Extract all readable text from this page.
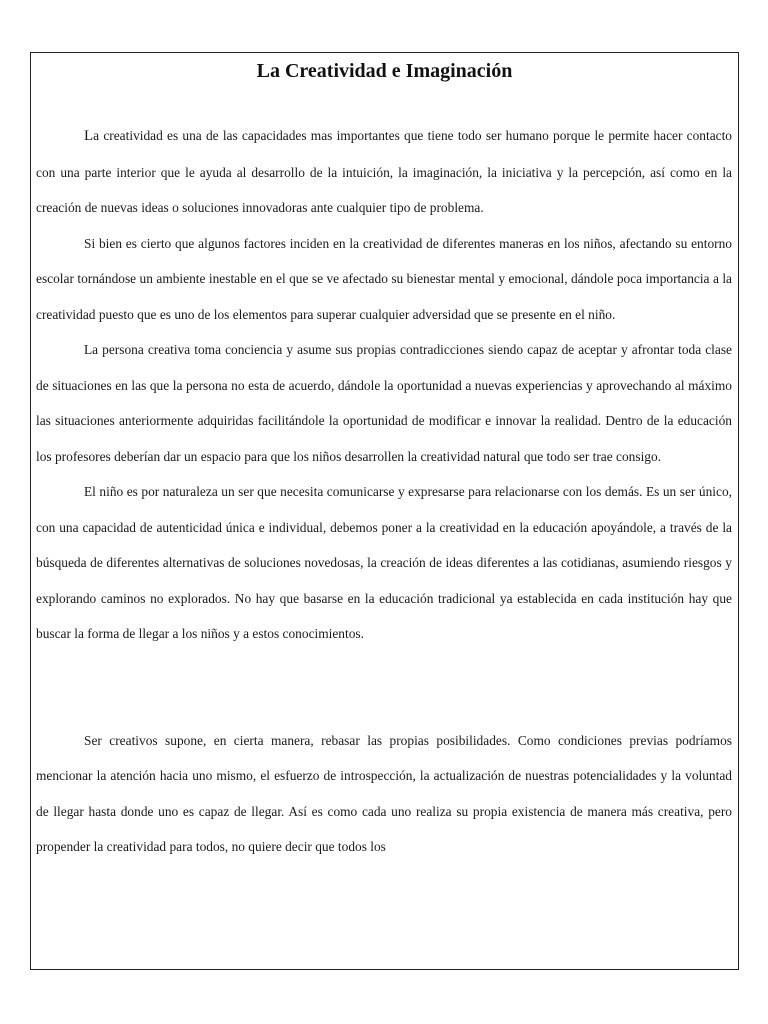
La Creatividad e Imaginación

La creatividad es una de las capacidades mas importantes que tiene todo ser humano porque le permite hacer contacto con una parte interior que le ayuda al desarrollo de la intuición, la imaginación, la iniciativa y la percepción, así como en la creación de nuevas ideas o soluciones innovadoras ante cualquier tipo de problema.

Si bien es cierto que algunos factores inciden en la creatividad de diferentes maneras en los niños, afectando su entorno escolar tornándose un ambiente inestable en el que se ve afectado su bienestar mental y emocional, dándole poca importancia a la creatividad puesto que es uno de los elementos para superar cualquier adversidad que se presente en el niño.

La persona creativa toma conciencia y asume sus propias contradicciones siendo capaz de aceptar y afrontar toda clase de situaciones en las que la persona no esta de acuerdo, dándole la oportunidad a nuevas experiencias y aprovechando al máximo las situaciones anteriormente adquiridas facilitándole la oportunidad de modificar e innovar la realidad. Dentro de la educación los profesores deberían dar un espacio para que los niños desarrollen la creatividad natural que todo ser trae consigo.

El niño es por naturaleza un ser que necesita comunicarse y expresarse para relacionarse con los demás. Es un ser único, con una capacidad de autenticidad única e individual, debemos poner a la creatividad en la educación apoyándole, a través de la búsqueda de diferentes alternativas de soluciones novedosas, la creación de ideas diferentes a las cotidianas, asumiendo riesgos y explorando caminos no explorados. No hay que basarse en la educación tradicional ya establecida en cada institución hay que buscar la forma de llegar a los niños y a estos conocimientos.

Ser creativos supone, en cierta manera, rebasar las propias posibilidades. Como condiciones previas podríamos mencionar la atención hacia uno mismo, el esfuerzo de introspección, la actualización de nuestras potencialidades y la voluntad de llegar hasta donde uno es capaz de llegar. Así es como cada uno realiza su propia existencia de manera más creativa, pero propender la creatividad para todos, no quiere decir que todos los
